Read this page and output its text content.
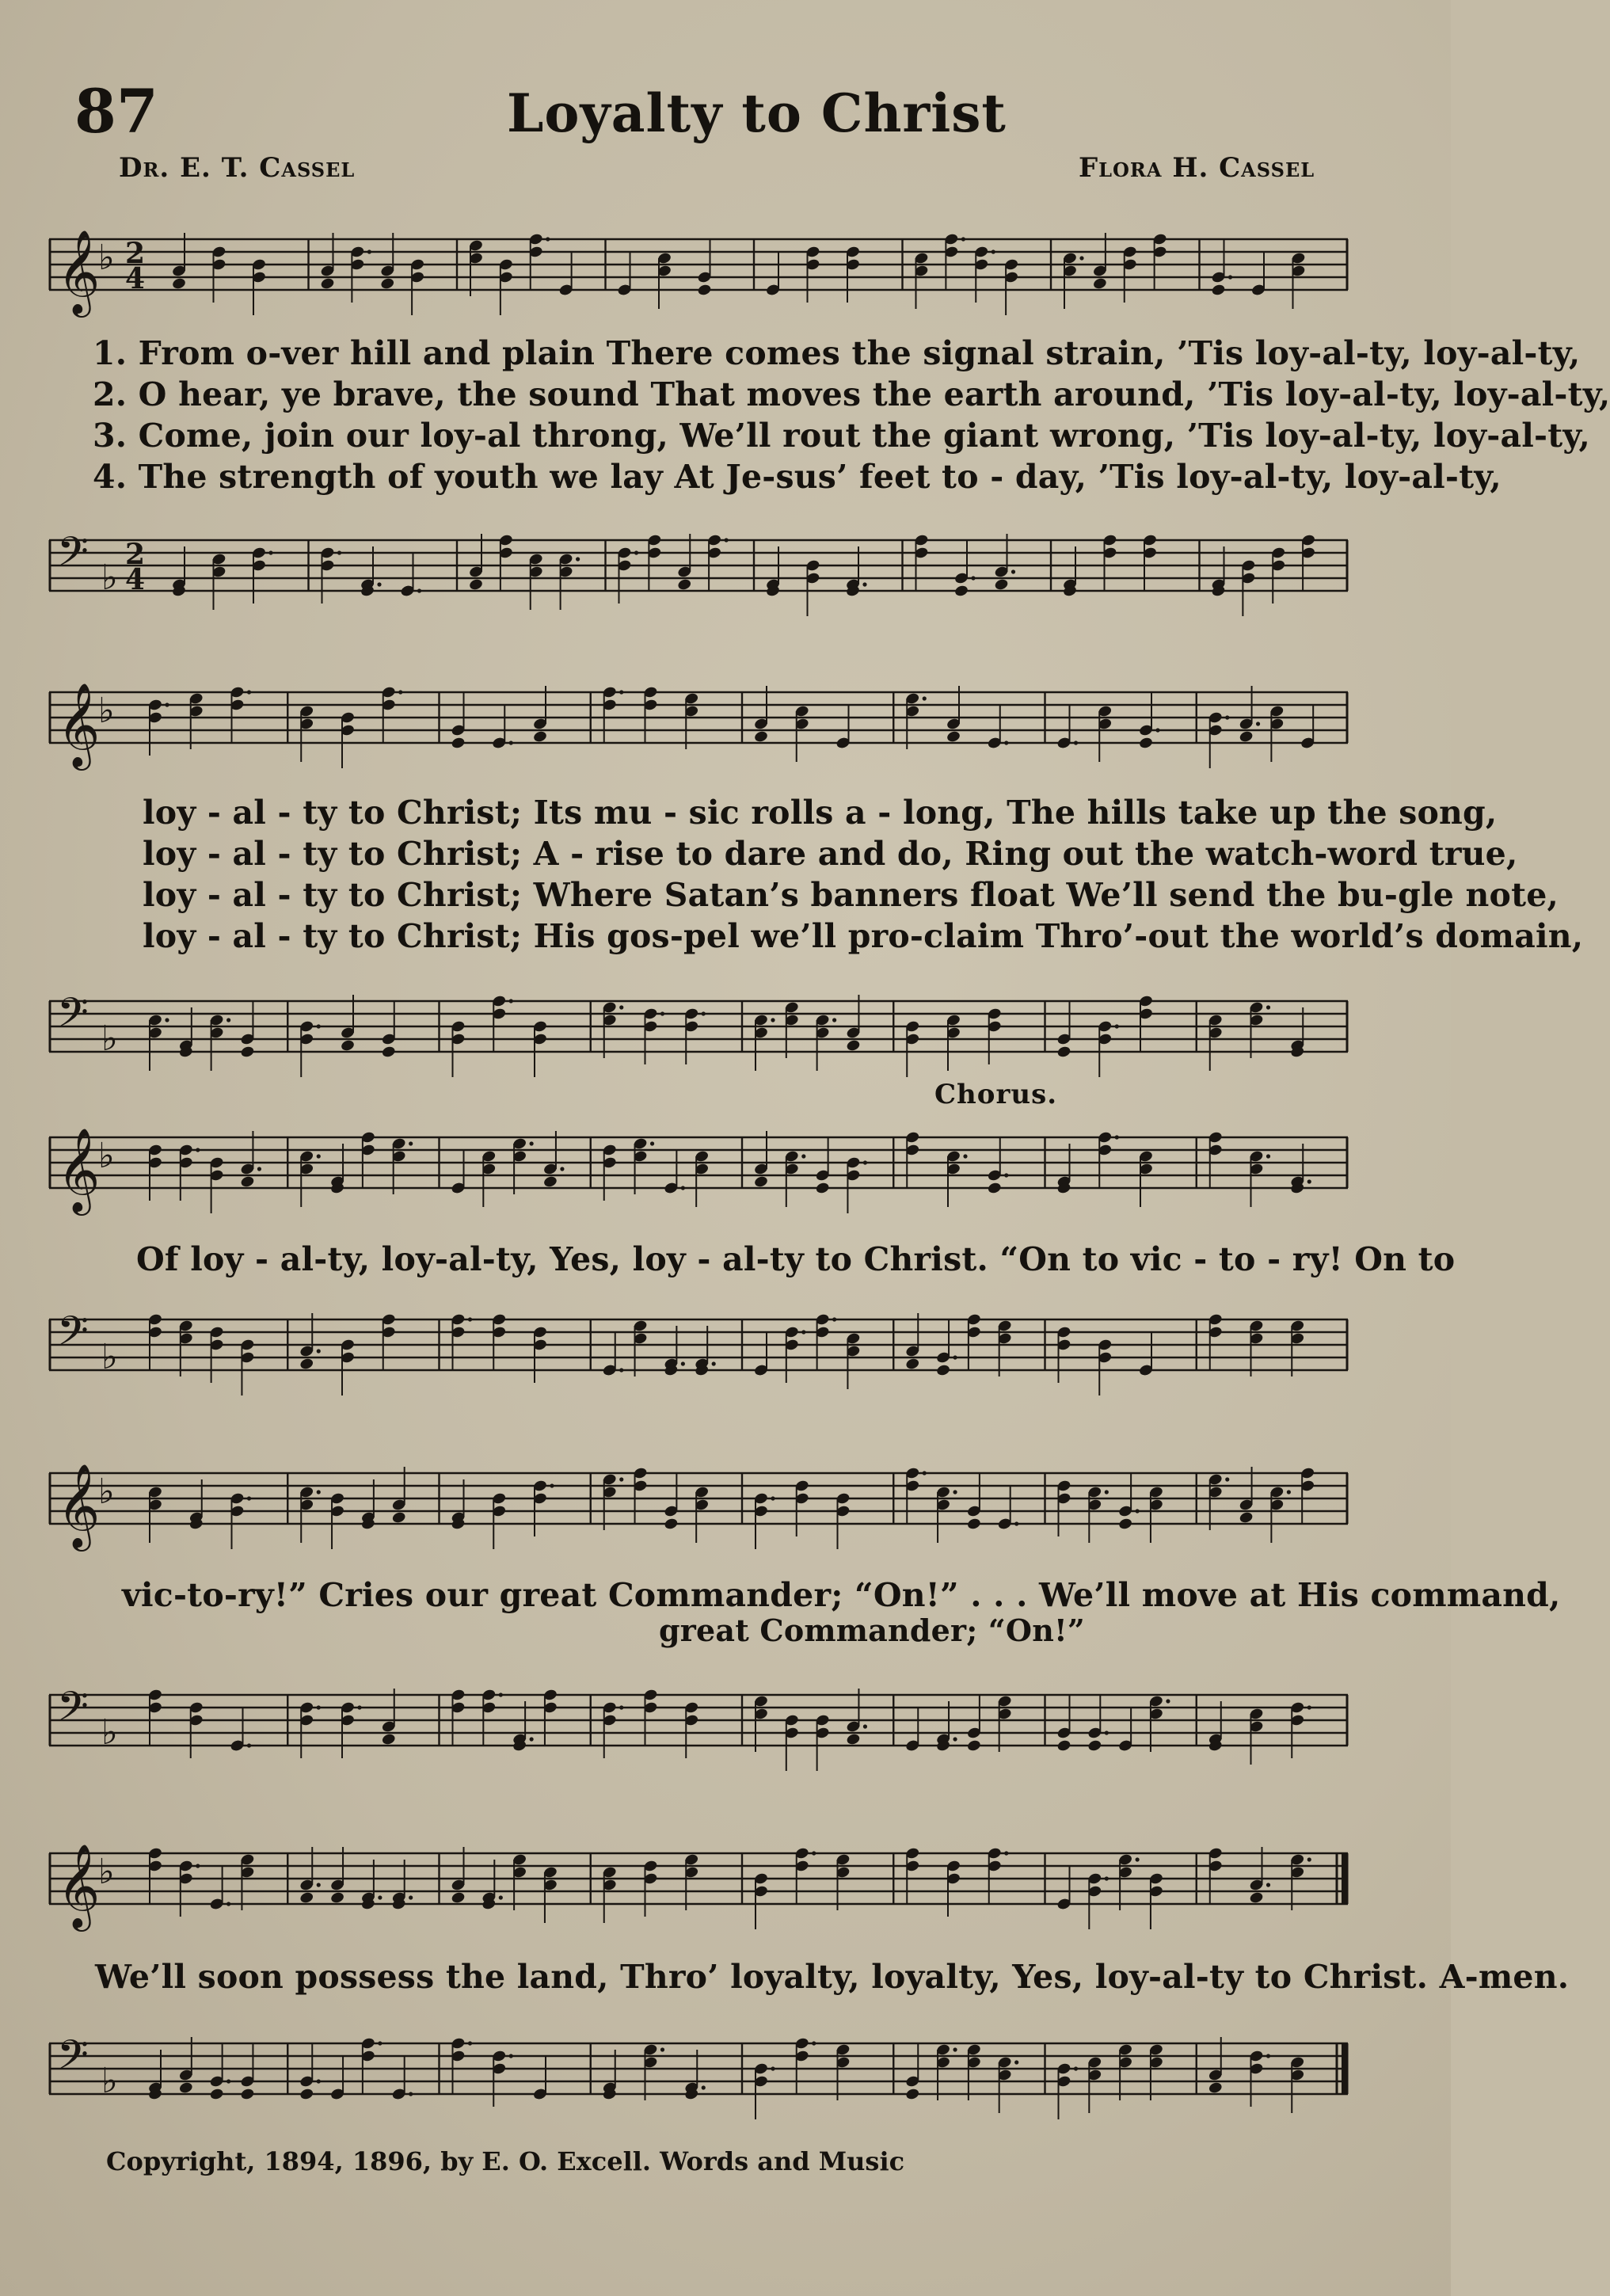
87	Loyalty to Christ
Dr. E. T. Cassel	Flora H. Cassel
𝄞
♭ 2
4
1. From o-ver hill and plain There comes the signal strain, ’Tis loy-al-ty, loy-al-ty,
2. O hear, ye brave, the sound That moves the earth around, ’Tis loy-al-ty, loy-al-ty,
3. Come, join our loy-al throng, We’ll rout the giant wrong, ’Tis loy-al-ty, loy-al-ty,
4. The strength of youth we lay At Je-sus’ feet to - day, ’Tis loy-al-ty, loy-al-ty,
𝄢 ♭
2
4
𝄞
♭
loy - al - ty to Christ; Its mu - sic rolls a - long, The hills take up the song,
loy - al - ty to Christ; A - rise to dare and do, Ring out the watch-word true,
loy - al - ty to Christ; Where Satan’s banners float We’ll send the bu-gle note,
loy - al - ty to Christ; His gos-pel we’ll pro-claim Thro’-out the world’s domain,
𝄢 ♭
Chorus.
𝄞
♭
Of loy - al-ty, loy-al-ty, Yes, loy - al-ty to Christ. “On to vic - to - ry! On to
𝄢 ♭
𝄞
♭
vic-to-ry!” Cries our great Commander; “On!” . . . We’ll move at His command,
great Commander; “On!”
𝄢 ♭
𝄞
♭
We’ll soon possess the land, Thro’ loyalty, loyalty, Yes, loy-al-ty to Christ. A-men.
𝄢 ♭
Copyright, 1894, 1896, by E. O. Excell. Words and Music
